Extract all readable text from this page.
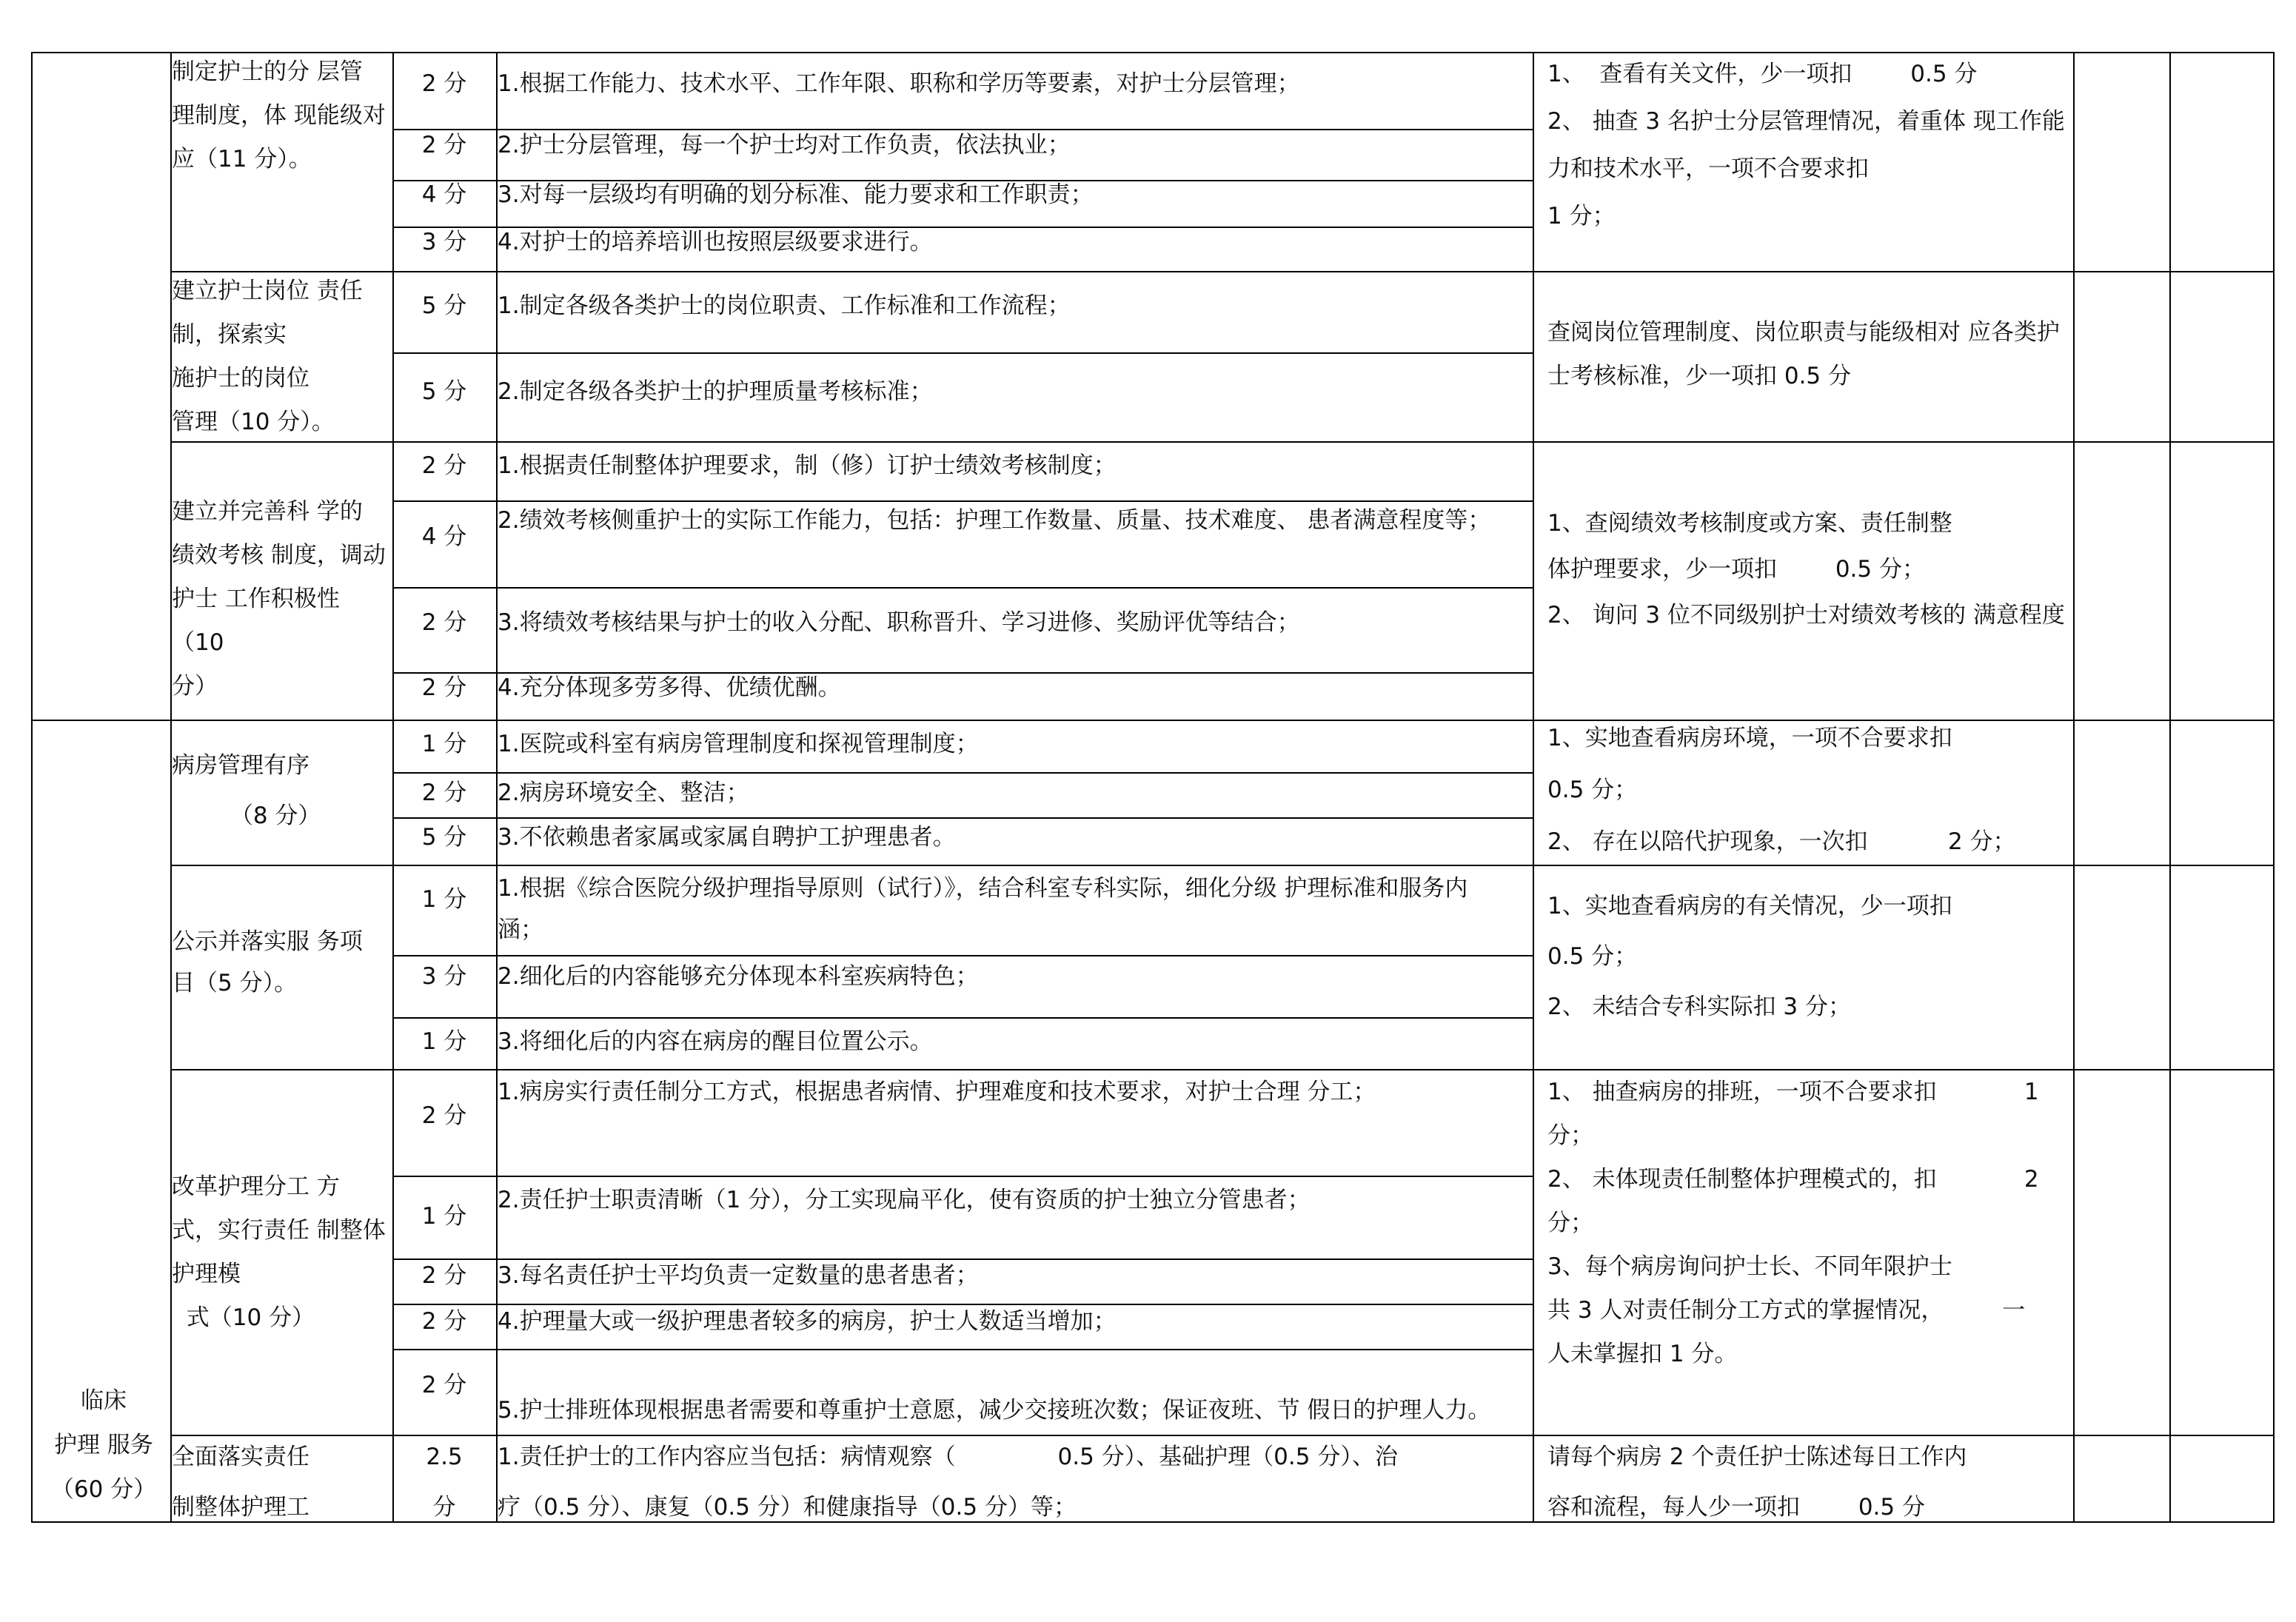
临床
护理 服务
（60 分）
制定护士的分 层管
理制度，体 现能级对
应（11 分）。
建立护士岗位 责任
制，探索实
施护士的岗位
管理（10 分）。
建立并完善科 学的
绩效考核 制度，调动
护士 工作积极性（10
分）
病房管理有序
（8 分）
公示并落实服 务项
目（5 分）。
改革护理分工 方
式，实行责任 制整体
护理模
式（10 分）
全面落实责任
制整体护理工
2 分
2 分
4 分
3 分
5 分
5 分
2 分
4 分
2 分
2 分
1 分
2 分
5 分
1 分
3 分
1 分
2 分
1 分
2 分
2 分
2 分
2.5
分
1.根据工作能力、技术水平、工作年限、职称和学历等要素，对护士分层管理；
2.护士分层管理，每一个护士均对工作负责，依法执业；
3.对每一层级均有明确的划分标准、能力要求和工作职责；
4.对护士的培养培训也按照层级要求进行。
1.制定各级各类护士的岗位职责、工作标准和工作流程；
2.制定各级各类护士的护理质量考核标准；
1.根据责任制整体护理要求，制（修）订护士绩效考核制度；
2.绩效考核侧重护士的实际工作能力，包括：护理工作数量、质量、技术难度、 患者满意程度等；
3.将绩效考核结果与护士的收入分配、职称晋升、学习进修、奖励评优等结合；
4.充分体现多劳多得、优绩优酬。
1.医院或科室有病房管理制度和探视管理制度；
2.病房环境安全、整洁；
3.不依赖患者家属或家属自聘护工护理患者。
1.根据《综合医院分级护理指导原则（试行）》，结合科室专科实际，细化分级 护理标准和服务内
涵；
2.细化后的内容能够充分体现本科室疾病特色；
3.将细化后的内容在病房的醒目位置公示。
1.病房实行责任制分工方式，根据患者病情、护理难度和技术要求，对护士合理 分工；
2.责任护士职责清晰（1 分），分工实现扁平化，使有资质的护士独立分管患者；
3.每名责任护士平均负责一定数量的患者患者；
4.护理量大或一级护理患者较多的病房，护士人数适当增加；
5.护士排班体现根据患者需要和尊重护士意愿，减少交接班次数；保证夜班、节 假日的护理人力。
1.责任护士的工作内容应当包括：病情观察（              0.5 分）、基础护理（0.5 分）、治
疗（0.5 分）、康复（0.5 分）和健康指导（0.5 分）等；
1、  查看有关文件，少一项扣        0.5 分
2、 抽查 3 名护士分层管理情况，着重体 现工作能
力和技术水平，一项不合要求扣
1 分；
查阅岗位管理制度、岗位职责与能级相对 应各类护
士考核标准，少一项扣 0.5 分
1、查阅绩效考核制度或方案、责任制整
体护理要求，少一项扣        0.5 分；
2、 询问 3 位不同级别护士对绩效考核的 满意程度
1、实地查看病房环境，一项不合要求扣
0.5 分；
2、 存在以陪代护现象，一次扣           2 分；
1、实地查看病房的有关情况，少一项扣
0.5 分；
2、 未结合专科实际扣 3 分；
1、 抽查病房的排班，一项不合要求扣            1
分；
2、 未体现责任制整体护理模式的，扣            2
分；
3、每个病房询问护士长、不同年限护士
共 3 人对责任制分工方式的掌握情况，        一
人未掌握扣 1 分。
请每个病房 2 个责任护士陈述每日工作内
容和流程，每人少一项扣        0.5 分
